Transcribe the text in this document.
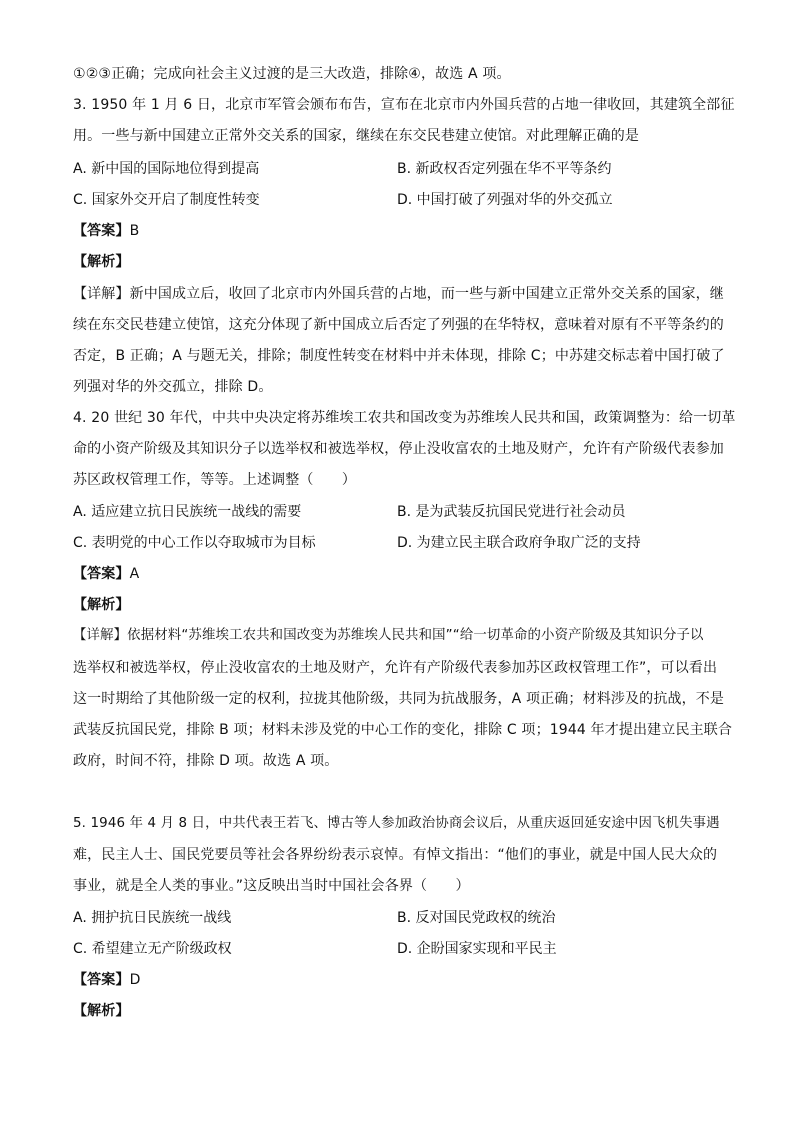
①②③正确；完成向社会主义过渡的是三大改造，排除④，故选 A 项。
3. 1950 年 1 月 6 日，北京市军管会颁布布告，宣布在北京市内外国兵营的占地一律收回，其建筑全部征
用。一些与新中国建立正常外交关系的国家，继续在东交民巷建立使馆。对此理解正确的是
A. 新中国的国际地位得到提高	B. 新政权否定列强在华不平等条约
C. 国家外交开启了制度性转变	D. 中国打破了列强对华的外交孤立
【答案】B
【解析】
【详解】新中国成立后，收回了北京市内外国兵营的占地，而一些与新中国建立正常外交关系的国家，继
续在东交民巷建立使馆，这充分体现了新中国成立后否定了列强的在华特权，意味着对原有不平等条约的
否定，B 正确；A 与题无关，排除；制度性转变在材料中并未体现，排除 C；中苏建交标志着中国打破了
列强对华的外交孤立，排除 D。
4. 20 世纪 30 年代，中共中央决定将苏维埃工农共和国改变为苏维埃人民共和国，政策调整为：给一切革
命的小资产阶级及其知识分子以选举权和被选举权，停止没收富农的土地及财产，允许有产阶级代表参加
苏区政权管理工作，等等。上述调整（　　）
A. 适应建立抗日民族统一战线的需要	B. 是为武装反抗国民党进行社会动员
C. 表明党的中心工作以夺取城市为目标	D. 为建立民主联合政府争取广泛的支持
【答案】A
【解析】
【详解】依据材料“苏维埃工农共和国改变为苏维埃人民共和国”“给一切革命的小资产阶级及其知识分子以
选举权和被选举权，停止没收富农的土地及财产，允许有产阶级代表参加苏区政权管理工作”，可以看出
这一时期给了其他阶级一定的权利，拉拢其他阶级，共同为抗战服务，A 项正确；材料涉及的抗战，不是
武装反抗国民党，排除 B 项；材料未涉及党的中心工作的变化，排除 C 项；1944 年才提出建立民主联合
政府，时间不符，排除 D 项。故选 A 项。
5. 1946 年 4 月 8 日，中共代表王若飞、博古等人参加政治协商会议后，从重庆返回延安途中因飞机失事遇
难，民主人士、国民党要员等社会各界纷纷表示哀悼。有悼文指出：“他们的事业，就是中国人民大众的
事业，就是全人类的事业。”这反映出当时中国社会各界（　　）
A. 拥护抗日民族统一战线	B. 反对国民党政权的统治
C. 希望建立无产阶级政权	D. 企盼国家实现和平民主
【答案】D
【解析】
